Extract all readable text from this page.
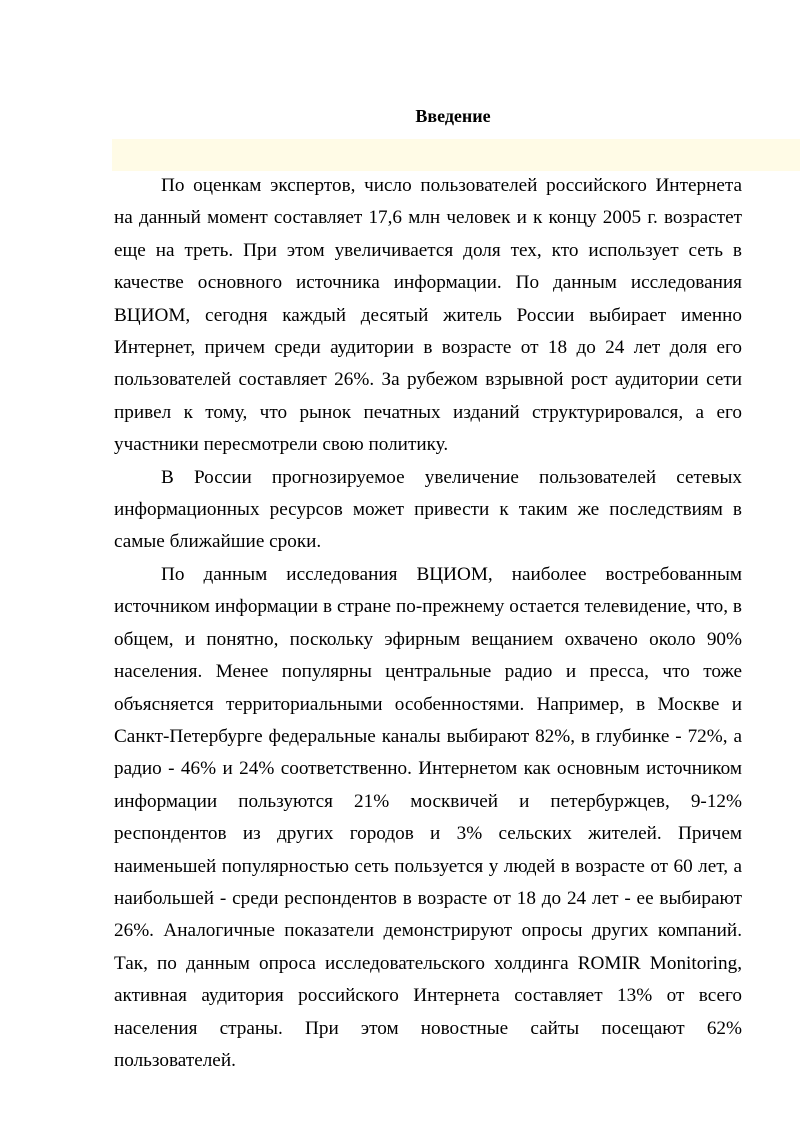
Введение

По оценкам экспертов, число пользователей российского Интернета на данный момент составляет 17,6 млн человек и к концу 2005 г. возрастет еще на треть. При этом увеличивается доля тех, кто использует сеть в качестве основного источника информации. По данным исследования ВЦИОМ, сегодня каждый десятый житель России выбирает именно Интернет, причем среди аудитории в возрасте от 18 до 24 лет доля его пользователей составляет 26%. За рубежом взрывной рост аудитории сети привел к тому, что рынок печатных изданий структурировался, а его участники пересмотрели свою политику.

В России прогнозируемое увеличение пользователей сетевых информационных ресурсов может привести к таким же последствиям в самые ближайшие сроки.

По данным исследования ВЦИОМ, наиболее востребованным источником информации в стране по-прежнему остается телевидение, что, в общем, и понятно, поскольку эфирным вещанием охвачено около 90% населения. Менее популярны центральные радио и пресса, что тоже объясняется территориальными особенностями. Например, в Москве и Санкт-Петербурге федеральные каналы выбирают 82%, в глубинке - 72%, а радио - 46% и 24% соответственно. Интернетом как основным источником информации пользуются 21% москвичей и петербуржцев, 9-12% респондентов из других городов и 3% сельских жителей. Причем наименьшей популярностью сеть пользуется у людей в возрасте от 60 лет, а наибольшей - среди респондентов в возрасте от 18 до 24 лет - ее выбирают 26%. Аналогичные показатели демонстрируют опросы других компаний. Так, по данным опроса исследовательского холдинга ROMIR Monitoring, активная аудитория российского Интернета составляет 13% от всего населения страны. При этом новостные сайты посещают 62% пользователей.
